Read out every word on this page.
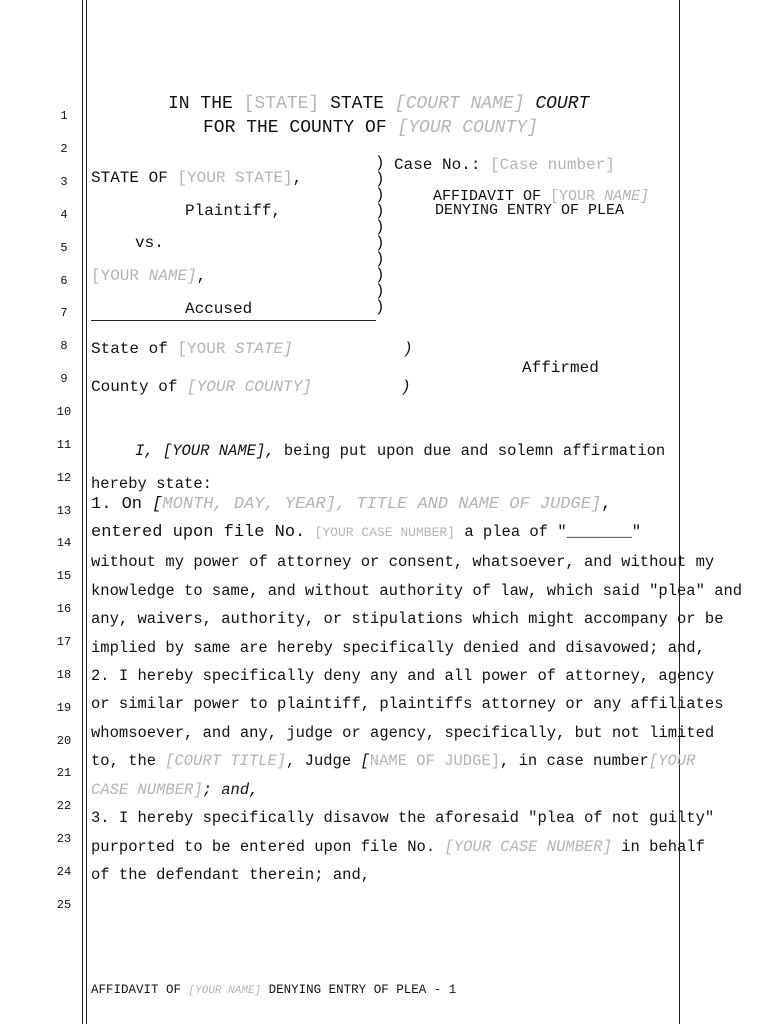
1
2
3
4
5
6
7
8
9
10
11
12
13
14
15
16
17
18
19
20
21
22
23
24
25
IN THE [STATE] STATE [COURT NAME] COURT
FOR THE COUNTY OF [YOUR COUNTY]
STATE OF [YOUR STATE],
Plaintiff,
vs.
[YOUR NAME],
Accused
)
)
)
)
)
)
)
)
)
)
Case No.: [Case number]
AFFIDAVIT OF [YOUR NAME]
DENYING ENTRY OF PLEA
State of [YOUR STATE]	)
Affirmed
County of [YOUR COUNTY]	)
I, [YOUR NAME], being put upon due and solemn affirmation
hereby state:
1. On [MONTH, DAY, YEAR], TITLE AND NAME OF JUDGE],
entered upon file No. [YOUR CASE NUMBER] a plea of "_______"
without my power of attorney or consent, whatsoever, and without my
knowledge to same, and without authority of law, which said "plea" and
any, waivers, authority, or stipulations which might accompany or be
implied by same are hereby specifically denied and disavowed; and,
2. I hereby specifically deny any and all power of attorney, agency
or similar power to plaintiff, plaintiffs attorney or any affiliates
whomsoever, and any, judge or agency, specifically, but not limited
to, the [COURT TITLE], Judge [NAME OF JUDGE], in case number[YOUR
CASE NUMBER]; and,
3. I hereby specifically disavow the aforesaid "plea of not guilty"
purported to be entered upon file No. [YOUR CASE NUMBER] in behalf
of the defendant therein; and,
AFFIDAVIT OF [YOUR NAME] DENYING ENTRY OF PLEA - 1
